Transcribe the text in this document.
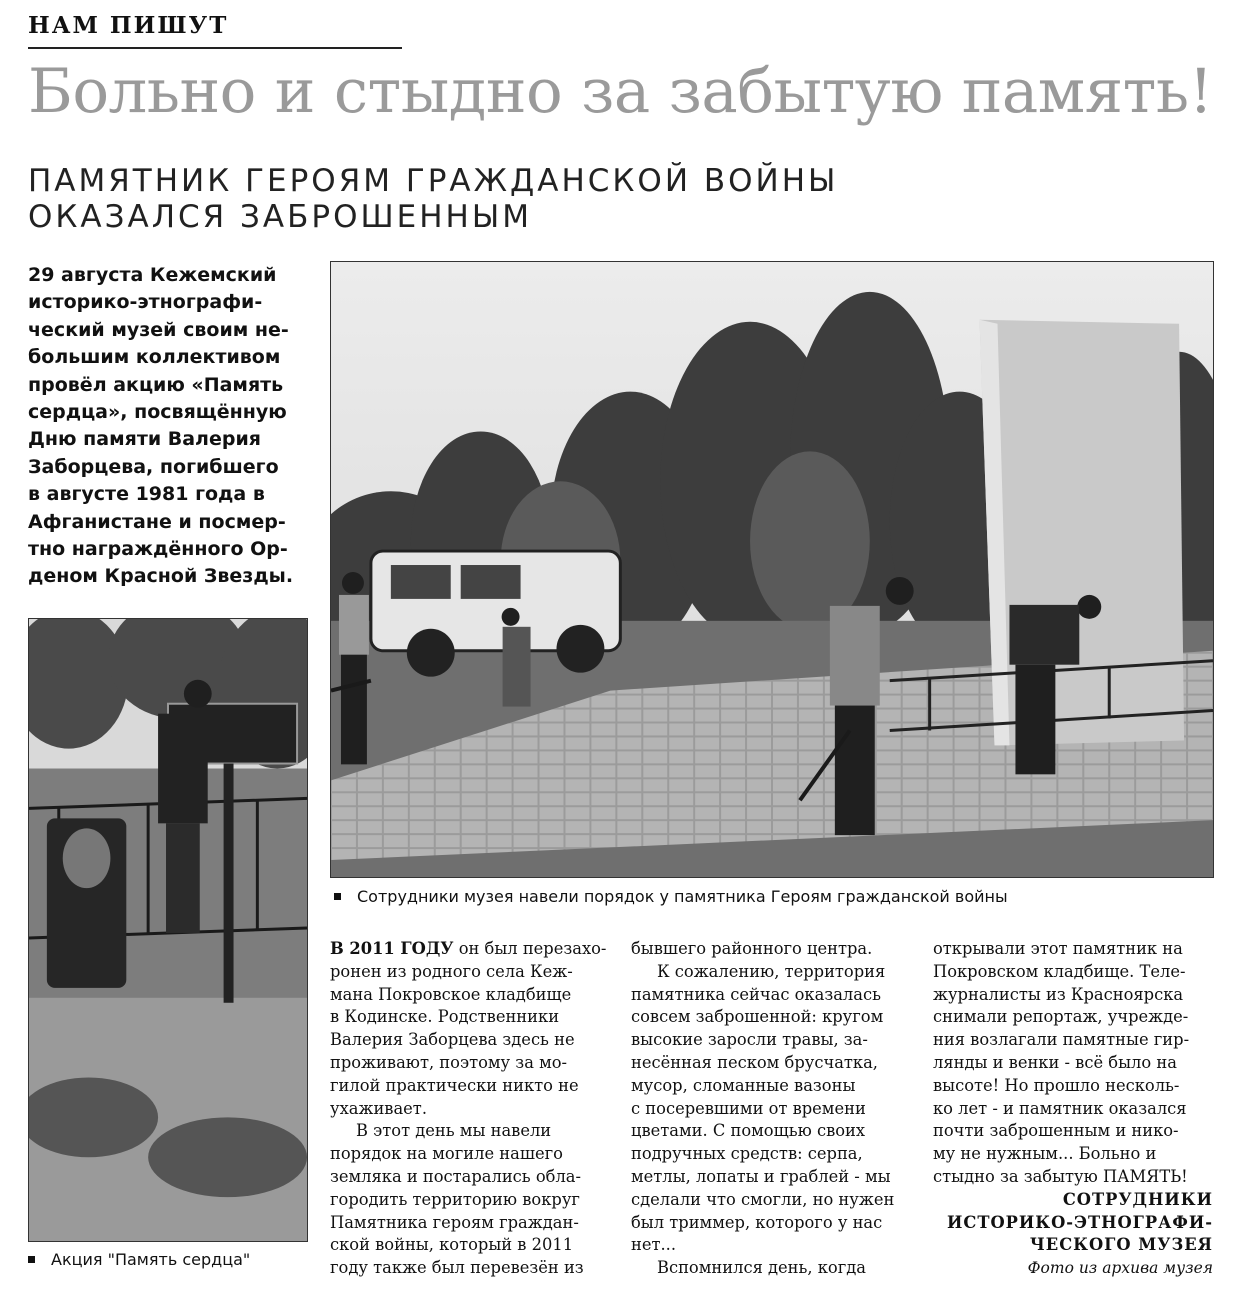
НАМ ПИШУТ
Больно и стыдно за забытую память!
ПАМЯТНИК ГЕРОЯМ ГРАЖДАНСКОЙ ВОЙНЫ
ОКАЗАЛСЯ ЗАБРОШЕННЫМ
29 августа Кежемский
историко-этнографи-
ческий музей своим не-
большим коллективом
провёл акцию «Память
сердца», посвящённую
Дню памяти Валерия
Заборцева, погибшего
в августе 1981 года в
Афганистане и посмер-
тно награждённого Ор-
деном Красной Звезды.
Сотрудники музея навели порядок у памятника Героям гражданской войны
Акция "Память сердца"
В 2011 ГОДУ он был перезахо-
ронен из родного села Кеж-
мана Покровское кладбище
в Кодинске. Родственники
Валерия Заборцева здесь не
проживают, поэтому за мо-
гилой практически никто не
ухаживает.
В этот день мы навели
порядок на могиле нашего
земляка и постарались обла-
городить территорию вокруг
Памятника героям граждан-
ской войны, который в 2011
году также был перевезён из
бывшего районного центра.
К сожалению, территория
памятника сейчас оказалась
совсем заброшенной: кругом
высокие заросли травы, за-
несённая песком брусчатка,
мусор, сломанные вазоны
с посеревшими от времени
цветами. С помощью своих
подручных средств: серпа,
метлы, лопаты и граблей - мы
сделали что смогли, но нужен
был триммер, которого у нас
нет...
Вспомнился день, когда
открывали этот памятник на
Покровском кладбище. Теле-
журналисты из Красноярска
снимали репортаж, учрежде-
ния возлагали памятные гир-
лянды и венки - всё было на
высоте! Но прошло несколь-
ко лет - и памятник оказался
почти заброшенным и нико-
му не нужным... Больно и
стыдно за забытую ПАМЯТЬ!
СОТРУДНИКИ
ИСТОРИКО-ЭТНОГРАФИ-
ЧЕСКОГО МУЗЕЯ
Фото из архива музея
